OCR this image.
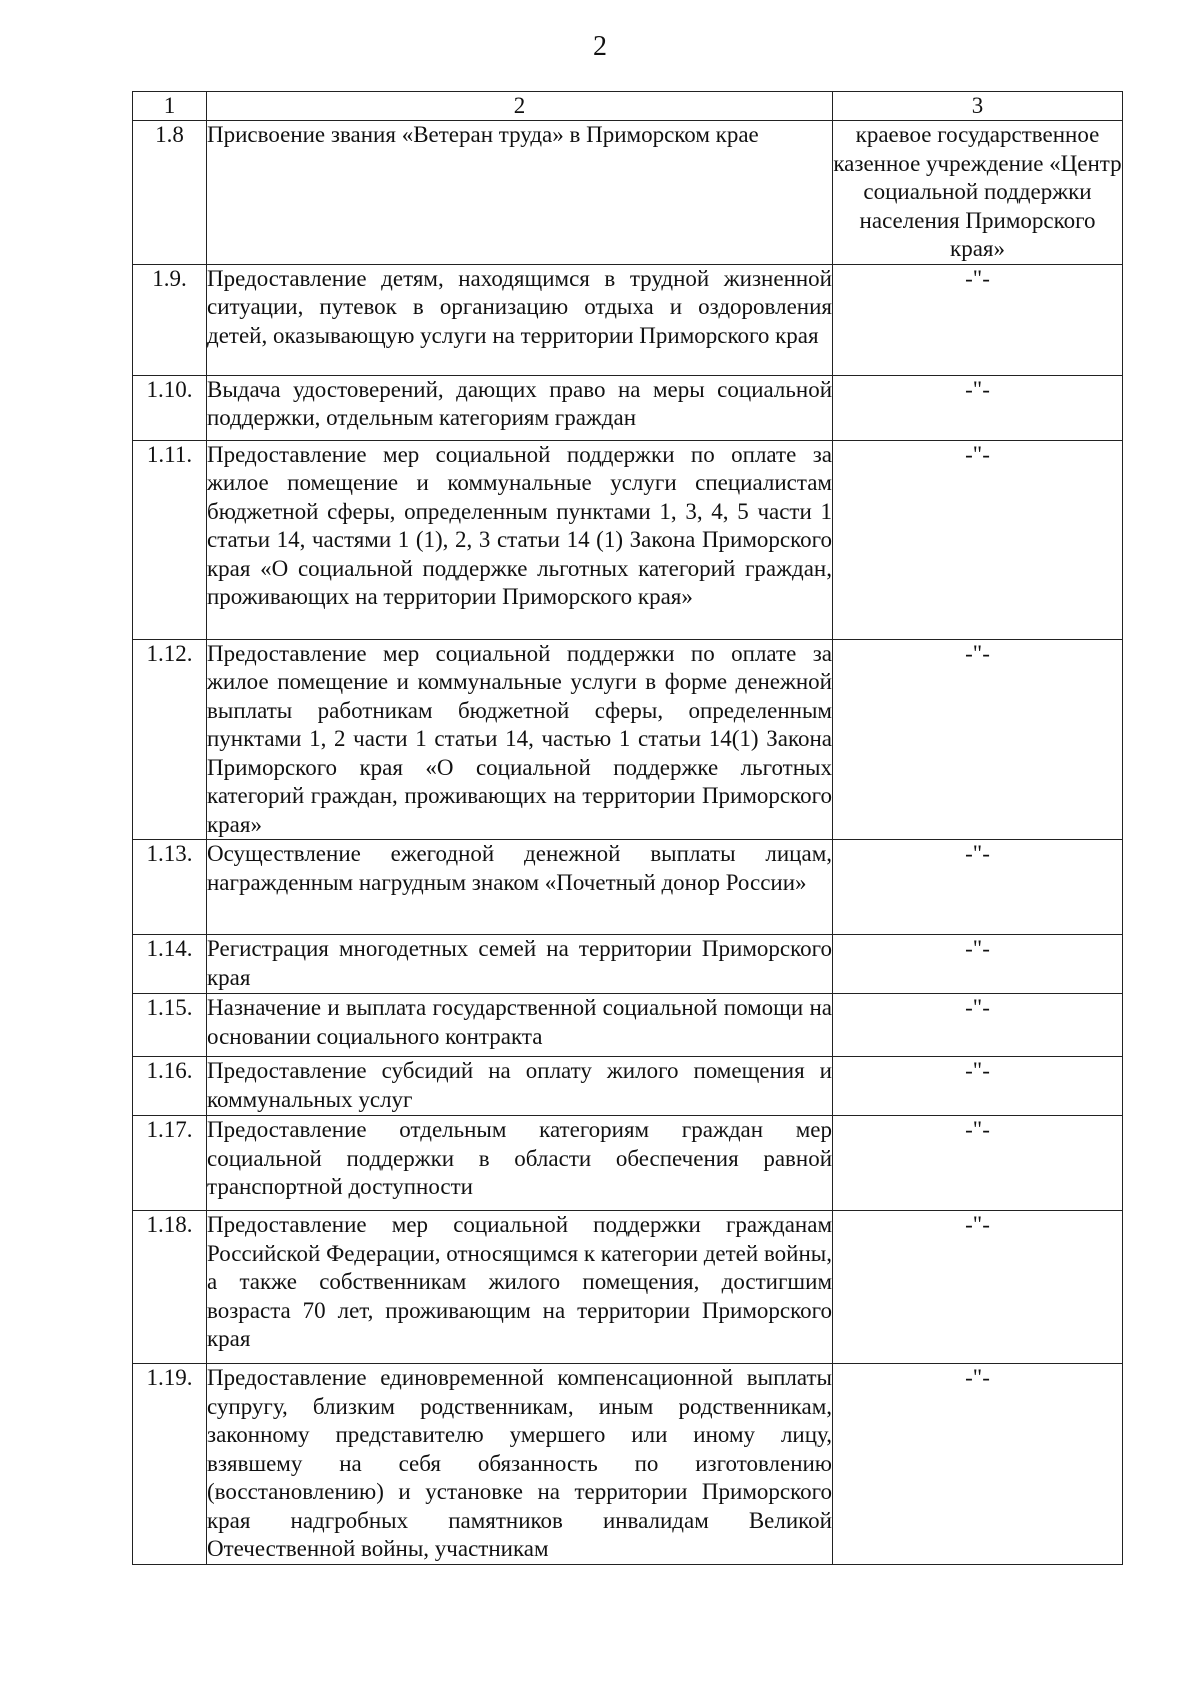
2
1	2	3
1.8	Присвоение звания «Ветеран труда» в Приморском крае	краевое государственное казенное учреждение «Центр социальной поддержки населения Приморского края»
1.9.	Предоставление детям, находящимся в трудной жизненной ситуации, путевок в организацию отдыха и оздоровления детей, оказывающую услуги на территории Приморского края	-"-
1.10.	Выдача удостоверений, дающих право на меры социальной поддержки, отдельным категориям граждан	-"-
1.11.	Предоставление мер социальной поддержки по оплате за жилое помещение и коммунальные услуги специалистам бюджетной сферы, определенным пунктами 1, 3, 4, 5 части 1 статьи 14, частями 1 (1), 2, 3 статьи 14 (1) Закона Приморского края «О социальной поддержке льготных категорий граждан, проживающих на территории Приморского края»	-"-
1.12.	Предоставление мер социальной поддержки по оплате за жилое помещение и коммунальные услуги в форме денежной выплаты работникам бюджетной сферы, определенным пунктами 1, 2 части 1 статьи 14, частью 1 статьи 14(1) Закона Приморского края «О социальной поддержке льготных категорий граждан, проживающих на территории Приморского края»	-"-
1.13.	Осуществление ежегодной денежной выплаты лицам, награжденным нагрудным знаком «Почетный донор России»	-"-
1.14.	Регистрация многодетных семей на территории Приморского края	-"-
1.15.	Назначение и выплата государственной социальной помощи на основании социального контракта	-"-
1.16.	Предоставление субсидий на оплату жилого помещения и коммунальных услуг	-"-
1.17.	Предоставление отдельным категориям граждан мер социальной поддержки в области обеспечения равной транспортной доступности	-"-
1.18.	Предоставление мер социальной поддержки гражданам Российской Федерации, относящимся к категории детей войны, а также собственникам жилого помещения, достигшим возраста 70 лет, проживающим на территории Приморского края	-"-
1.19.	Предоставление единовременной компенсационной выплаты супругу, близким родственникам, иным родственникам, законному представителю умершего или иному лицу, взявшему на себя обязанность по изготовлению (восстановлению) и установке на территории Приморского края надгробных памятников инвалидам Великой Отечественной войны, участникам	-"-
